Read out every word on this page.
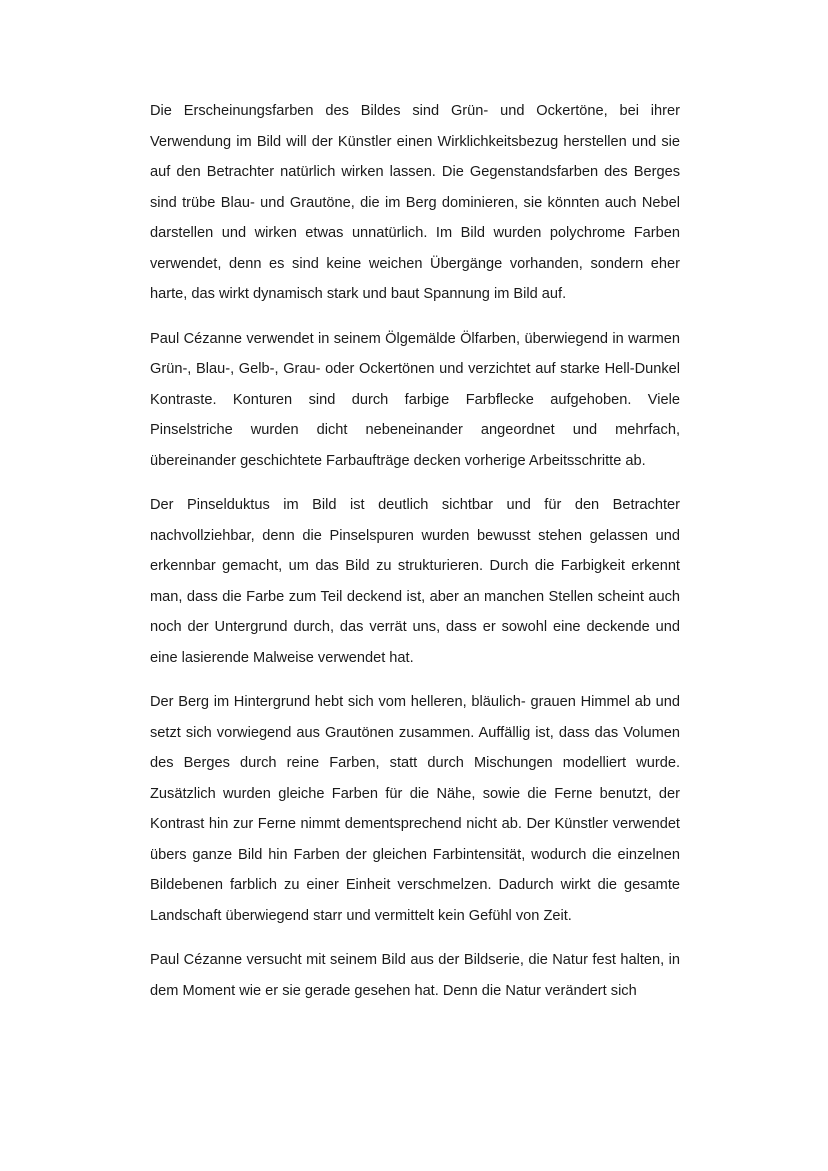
Die Erscheinungsfarben des Bildes sind Grün- und Ockertöne, bei ihrer Verwendung im Bild will der Künstler einen Wirklichkeitsbezug herstellen und sie auf den Betrachter natürlich wirken lassen. Die Gegenstandsfarben des Berges sind trübe Blau- und Grautöne, die im Berg dominieren, sie könnten auch Nebel darstellen und wirken etwas unnatürlich. Im Bild wurden polychrome Farben verwendet, denn es sind keine weichen Übergänge vorhanden, sondern eher harte, das wirkt dynamisch stark und baut Spannung im Bild auf.

Paul Cézanne verwendet in seinem Ölgemälde Ölfarben, überwiegend in warmen Grün-, Blau-, Gelb-, Grau- oder Ockertönen und verzichtet auf starke Hell-Dunkel Kontraste. Konturen sind durch farbige Farbflecke aufgehoben. Viele Pinselstriche wurden dicht nebeneinander angeordnet und mehrfach, übereinander geschichtete Farbaufträge decken vorherige Arbeitsschritte ab.

Der Pinselduktus im Bild ist deutlich sichtbar und für den Betrachter nachvollziehbar, denn die Pinselspuren wurden bewusst stehen gelassen und erkennbar gemacht, um das Bild zu strukturieren. Durch die Farbigkeit erkennt man, dass die Farbe zum Teil deckend ist, aber an manchen Stellen scheint auch noch der Untergrund durch, das verrät uns, dass er sowohl eine deckende und eine lasierende Malweise verwendet hat.

Der Berg im Hintergrund hebt sich vom helleren, bläulich- grauen Himmel ab und setzt sich vorwiegend aus Grautönen zusammen. Auffällig ist, dass das Volumen des Berges durch reine Farben, statt durch Mischungen modelliert wurde. Zusätzlich wurden gleiche Farben für die Nähe, sowie die Ferne benutzt, der Kontrast hin zur Ferne nimmt dementsprechend nicht ab. Der Künstler verwendet übers ganze Bild hin Farben der gleichen Farbintensität, wodurch die einzelnen Bildebenen farblich zu einer Einheit verschmelzen. Dadurch wirkt die gesamte Landschaft überwiegend starr und vermittelt kein Gefühl von Zeit.

Paul Cézanne versucht mit seinem Bild aus der Bildserie, die Natur fest halten, in dem Moment wie er sie gerade gesehen hat. Denn die Natur verändert sich
